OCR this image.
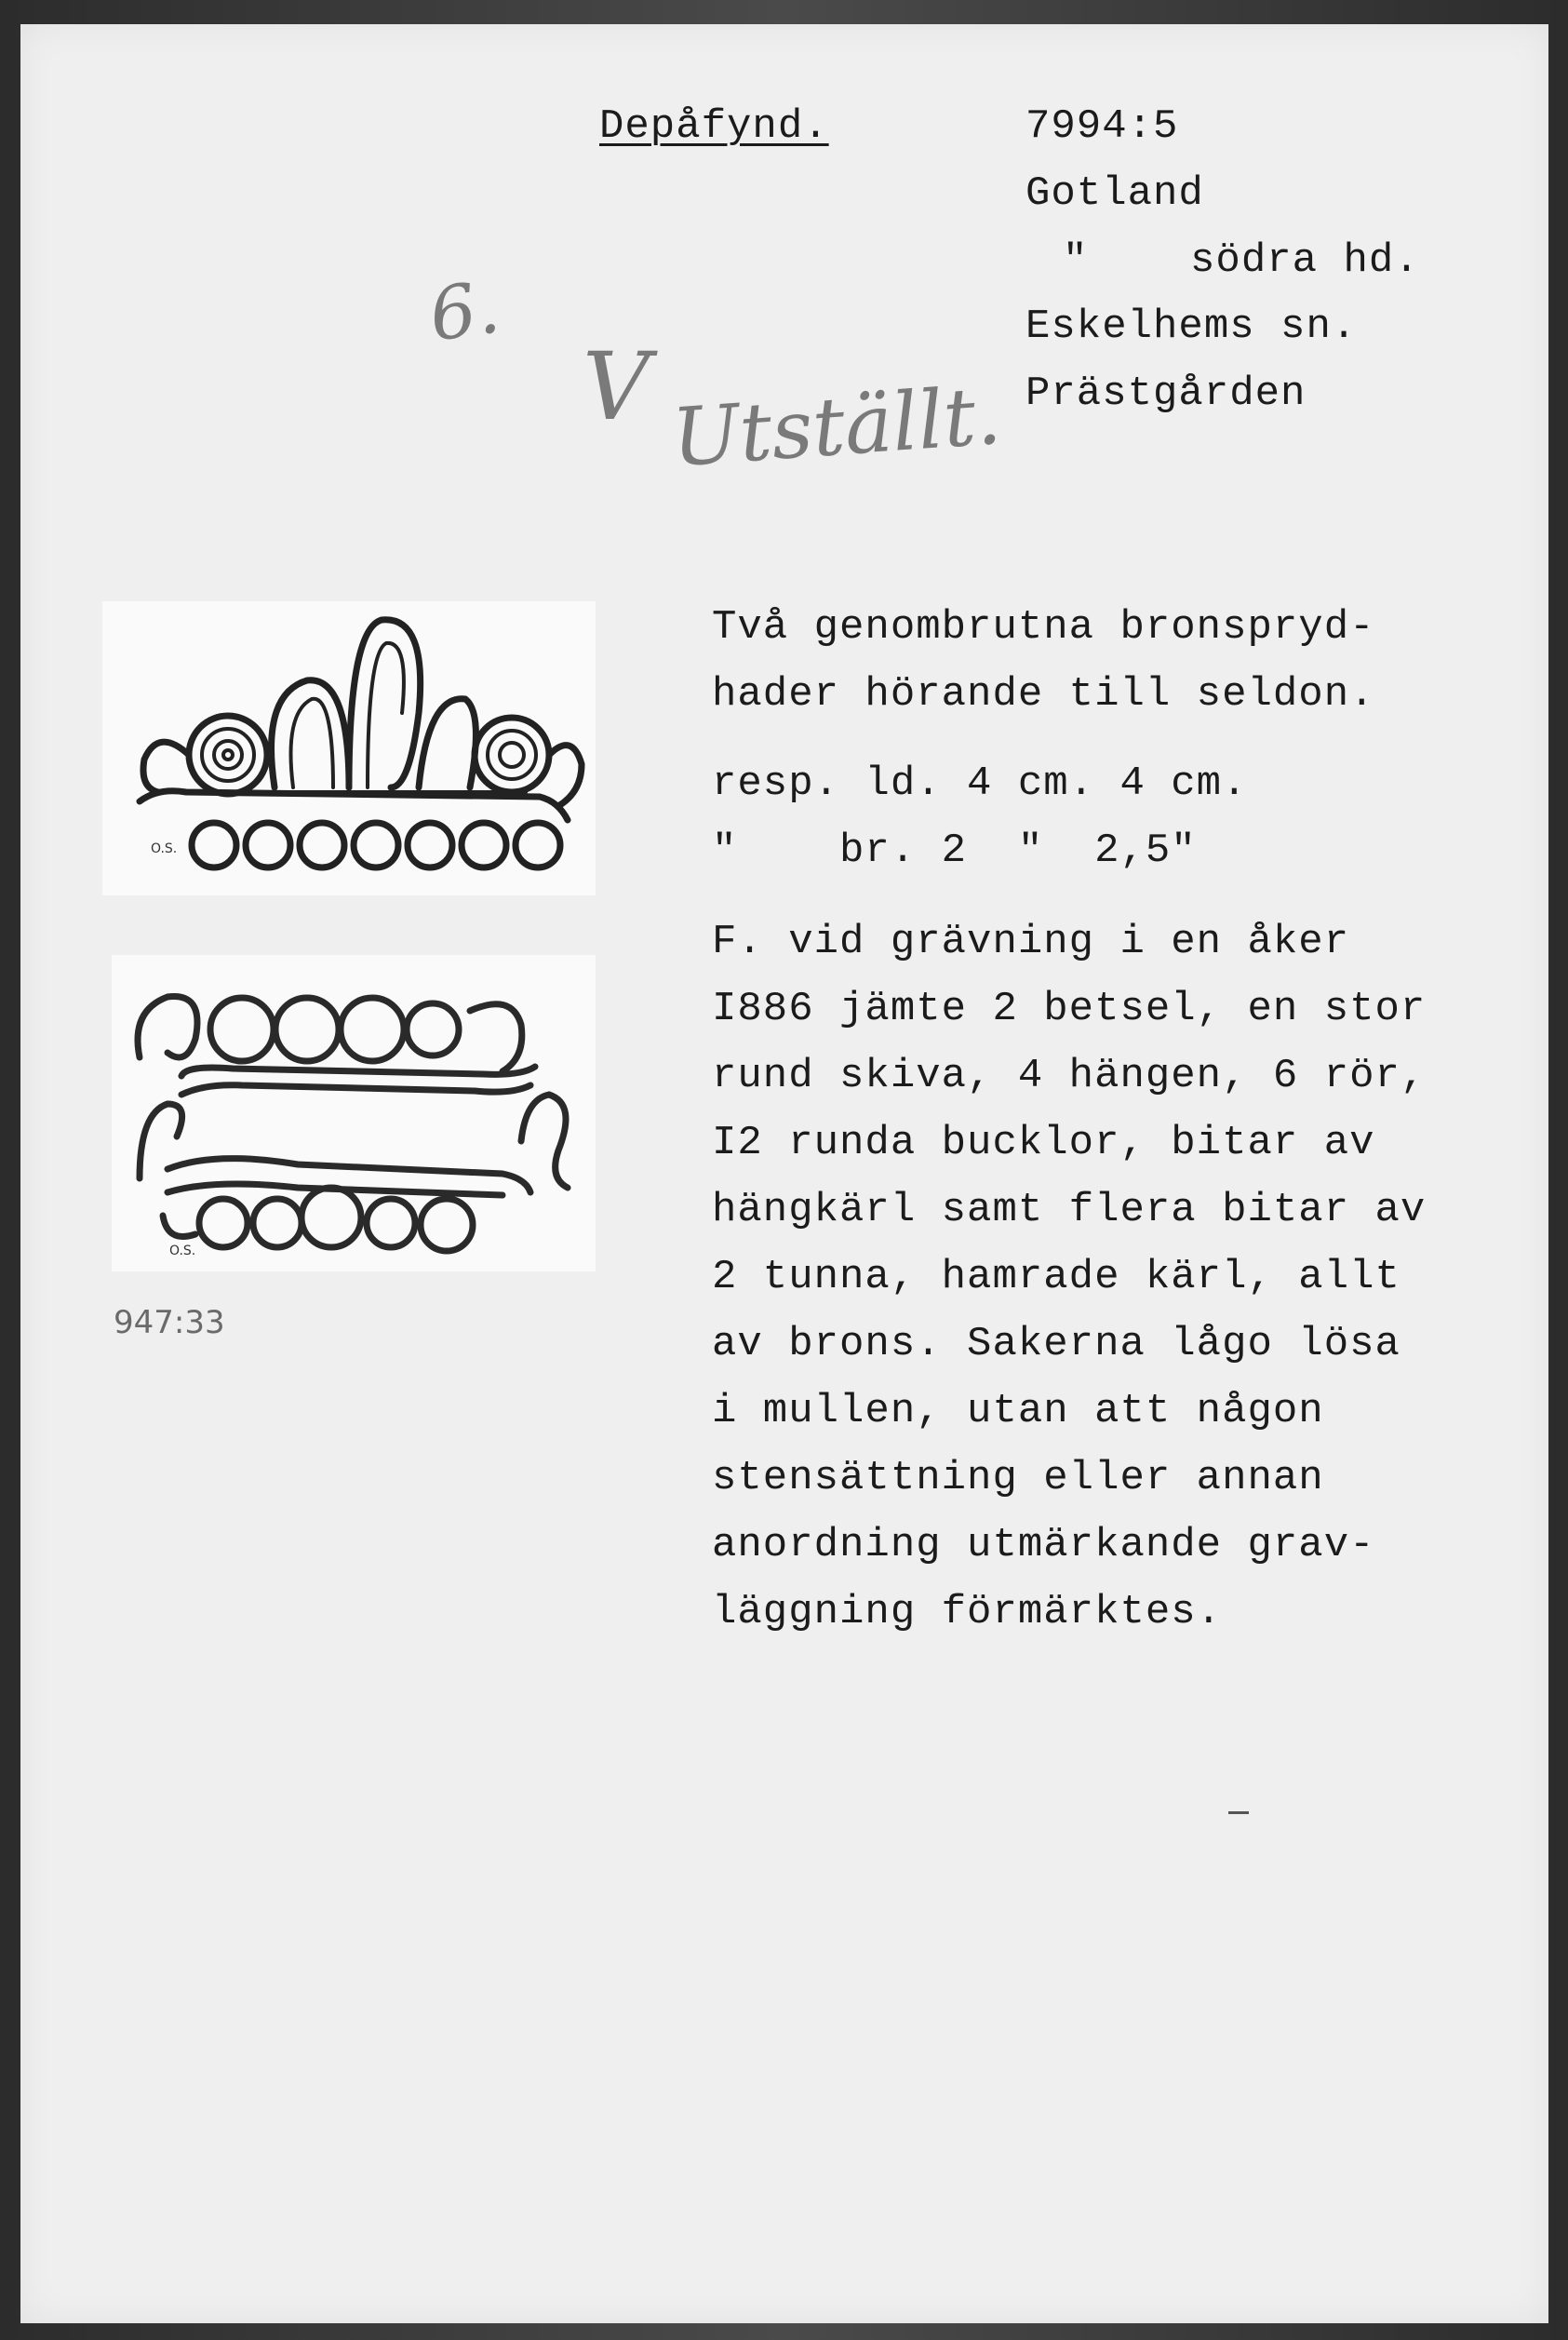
Depåfynd.	7994:5
Gotland
"    södra hd.
Eskelhems sn.
Prästgården
6.
V Utställt.
O.S.
O.S.
947:33
Två genombrutna bronspryd-
hader hörande till seldon.
resp. ld. 4 cm. 4 cm.
"    br. 2  "  2,5"
F. vid grävning i en åker
I886 jämte 2 betsel, en stor
rund skiva, 4 hängen, 6 rör,
I2 runda bucklor, bitar av
hängkärl samt flera bitar av
2 tunna, hamrade kärl, allt
av brons. Sakerna lågo lösa
i mullen, utan att någon
stensättning eller annan
anordning utmärkande grav-
läggning förmärktes.
